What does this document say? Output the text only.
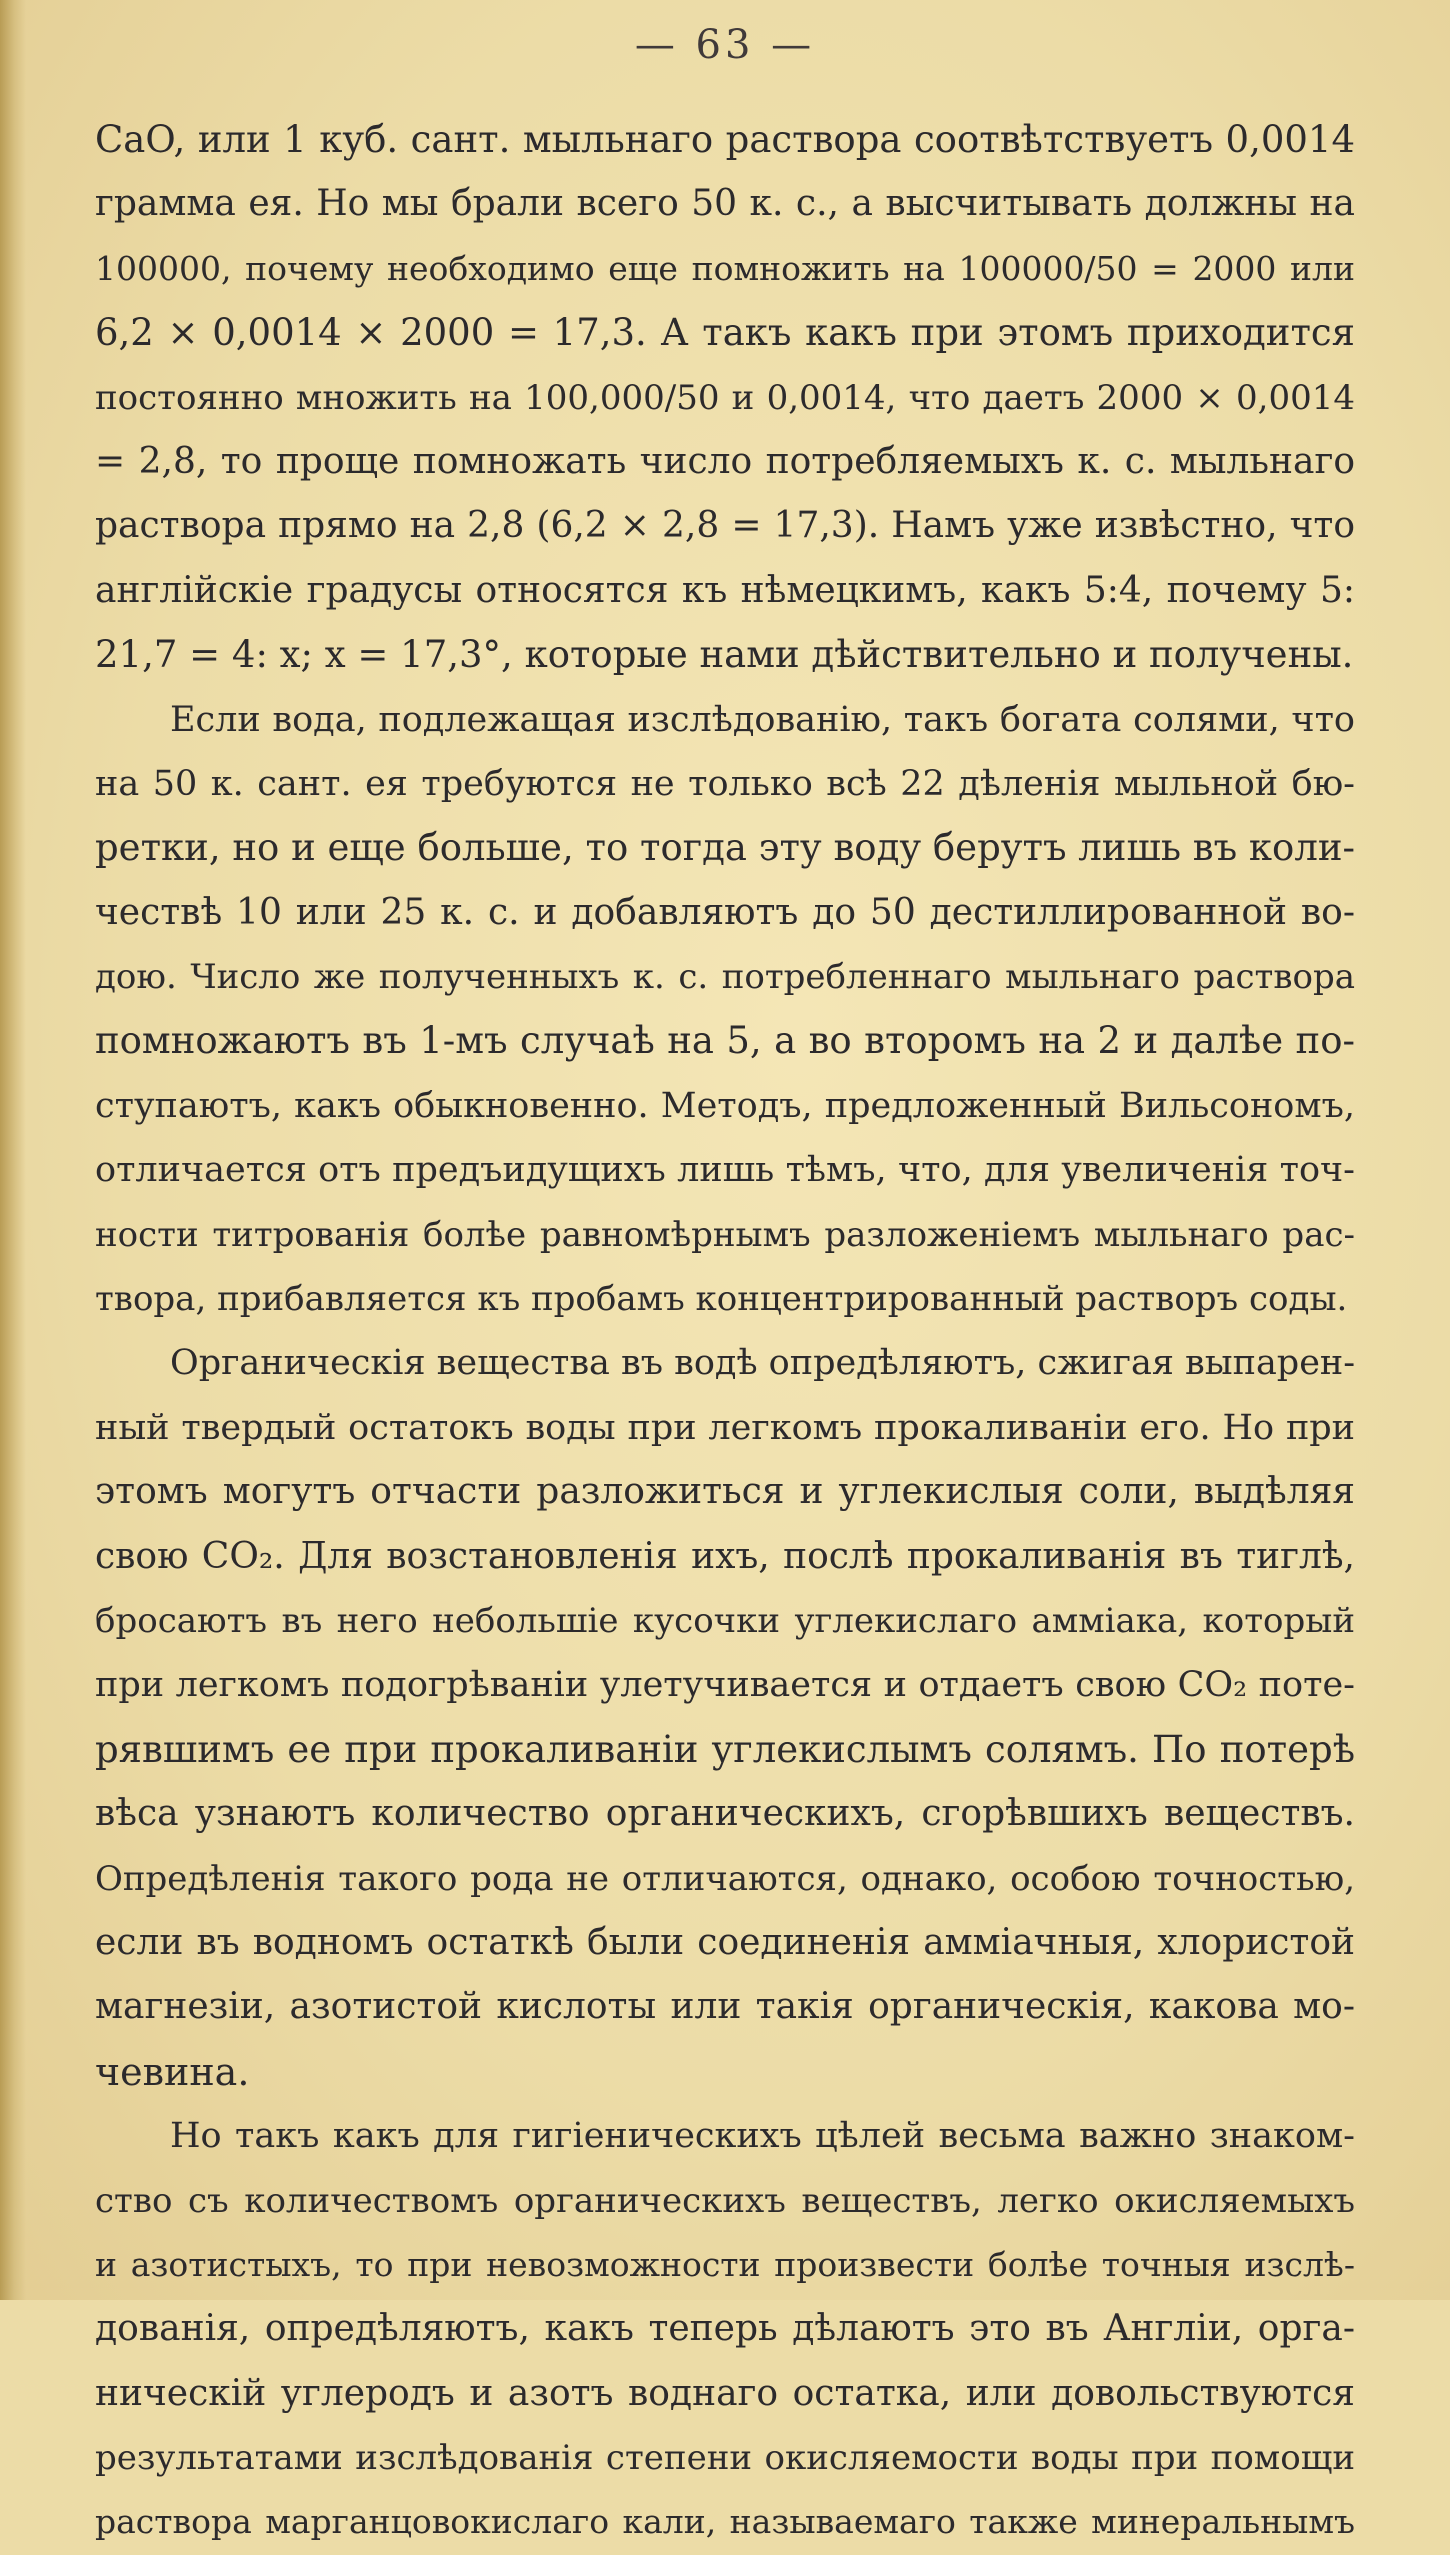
— 63 —
CaO, или 1 куб. сант. мыльнаго раствора соотвѣтствуетъ 0,0014
грамма ея. Но мы брали всего 50 к. с., а высчитывать должны на
100000, почему необходимо еще помножить на 100000/50 = 2000 или
6,2 × 0,0014 × 2000 = 17,3. А такъ какъ при этомъ приходится
постоянно множить на 100,000/50 и 0,0014, что даетъ 2000 × 0,0014
= 2,8, то проще помножать число потребляемыхъ к. с. мыльнаго
раствора прямо на 2,8 (6,2 × 2,8 = 17,3). Намъ уже извѣстно, что
англійскіе градусы относятся къ нѣмецкимъ, какъ 5:4, почему 5:
21,7 = 4: x; x = 17,3°, которые нами дѣйствительно и получены.
Если вода, подлежащая изслѣдованію, такъ богата солями, что
на 50 к. сант. ея требуются не только всѣ 22 дѣленія мыльной бю-
ретки, но и еще больше, то тогда эту воду берутъ лишь въ коли-
чествѣ 10 или 25 к. с. и добавляютъ до 50 дестиллированной во-
дою. Число же полученныхъ к. с. потребленнаго мыльнаго раствора
помножаютъ въ 1-мъ случаѣ на 5, а во второмъ на 2 и далѣе по-
ступаютъ, какъ обыкновенно. Методъ, предложенный Вильсономъ,
отличается отъ предъидущихъ лишь тѣмъ, что, для увеличенія точ-
ности титрованія болѣе равномѣрнымъ разложеніемъ мыльнаго рас-
твора, прибавляется къ пробамъ концентрированный растворъ соды.
Органическія вещества въ водѣ опредѣляютъ, сжигая выпарен-
ный твердый остатокъ воды при легкомъ прокаливаніи его. Но при
этомъ могутъ отчасти разложиться и углекислыя соли, выдѣляя
свою CO₂. Для возстановленія ихъ, послѣ прокаливанія въ тиглѣ,
бросаютъ въ него небольшіе кусочки углекислаго амміака, который
при легкомъ подогрѣваніи улетучивается и отдаетъ свою CO₂ поте-
рявшимъ ее при прокаливаніи углекислымъ солямъ. По потерѣ
вѣса узнаютъ количество органическихъ, сгорѣвшихъ веществъ.
Опредѣленія такого рода не отличаются, однако, особою точностью,
если въ водномъ остаткѣ были соединенія аммiачныя, хлористой
магнезіи, азотистой кислоты или такія органическія, какова мо-
чевина.
Но такъ какъ для гигіеническихъ цѣлей весьма важно знаком-
ство съ количествомъ органическихъ веществъ, легко окисляемыхъ
и азотистыхъ, то при невозможности произвести болѣе точныя изслѣ-
дованія, опредѣляютъ, какъ теперь дѣлаютъ это въ Англіи, орга-
ническій углеродъ и азотъ воднаго остатка, или довольствуются
результатами изслѣдованія степени окисляемости воды при помощи
раствора марганцовокислаго кали, называемаго также минеральнымъ
